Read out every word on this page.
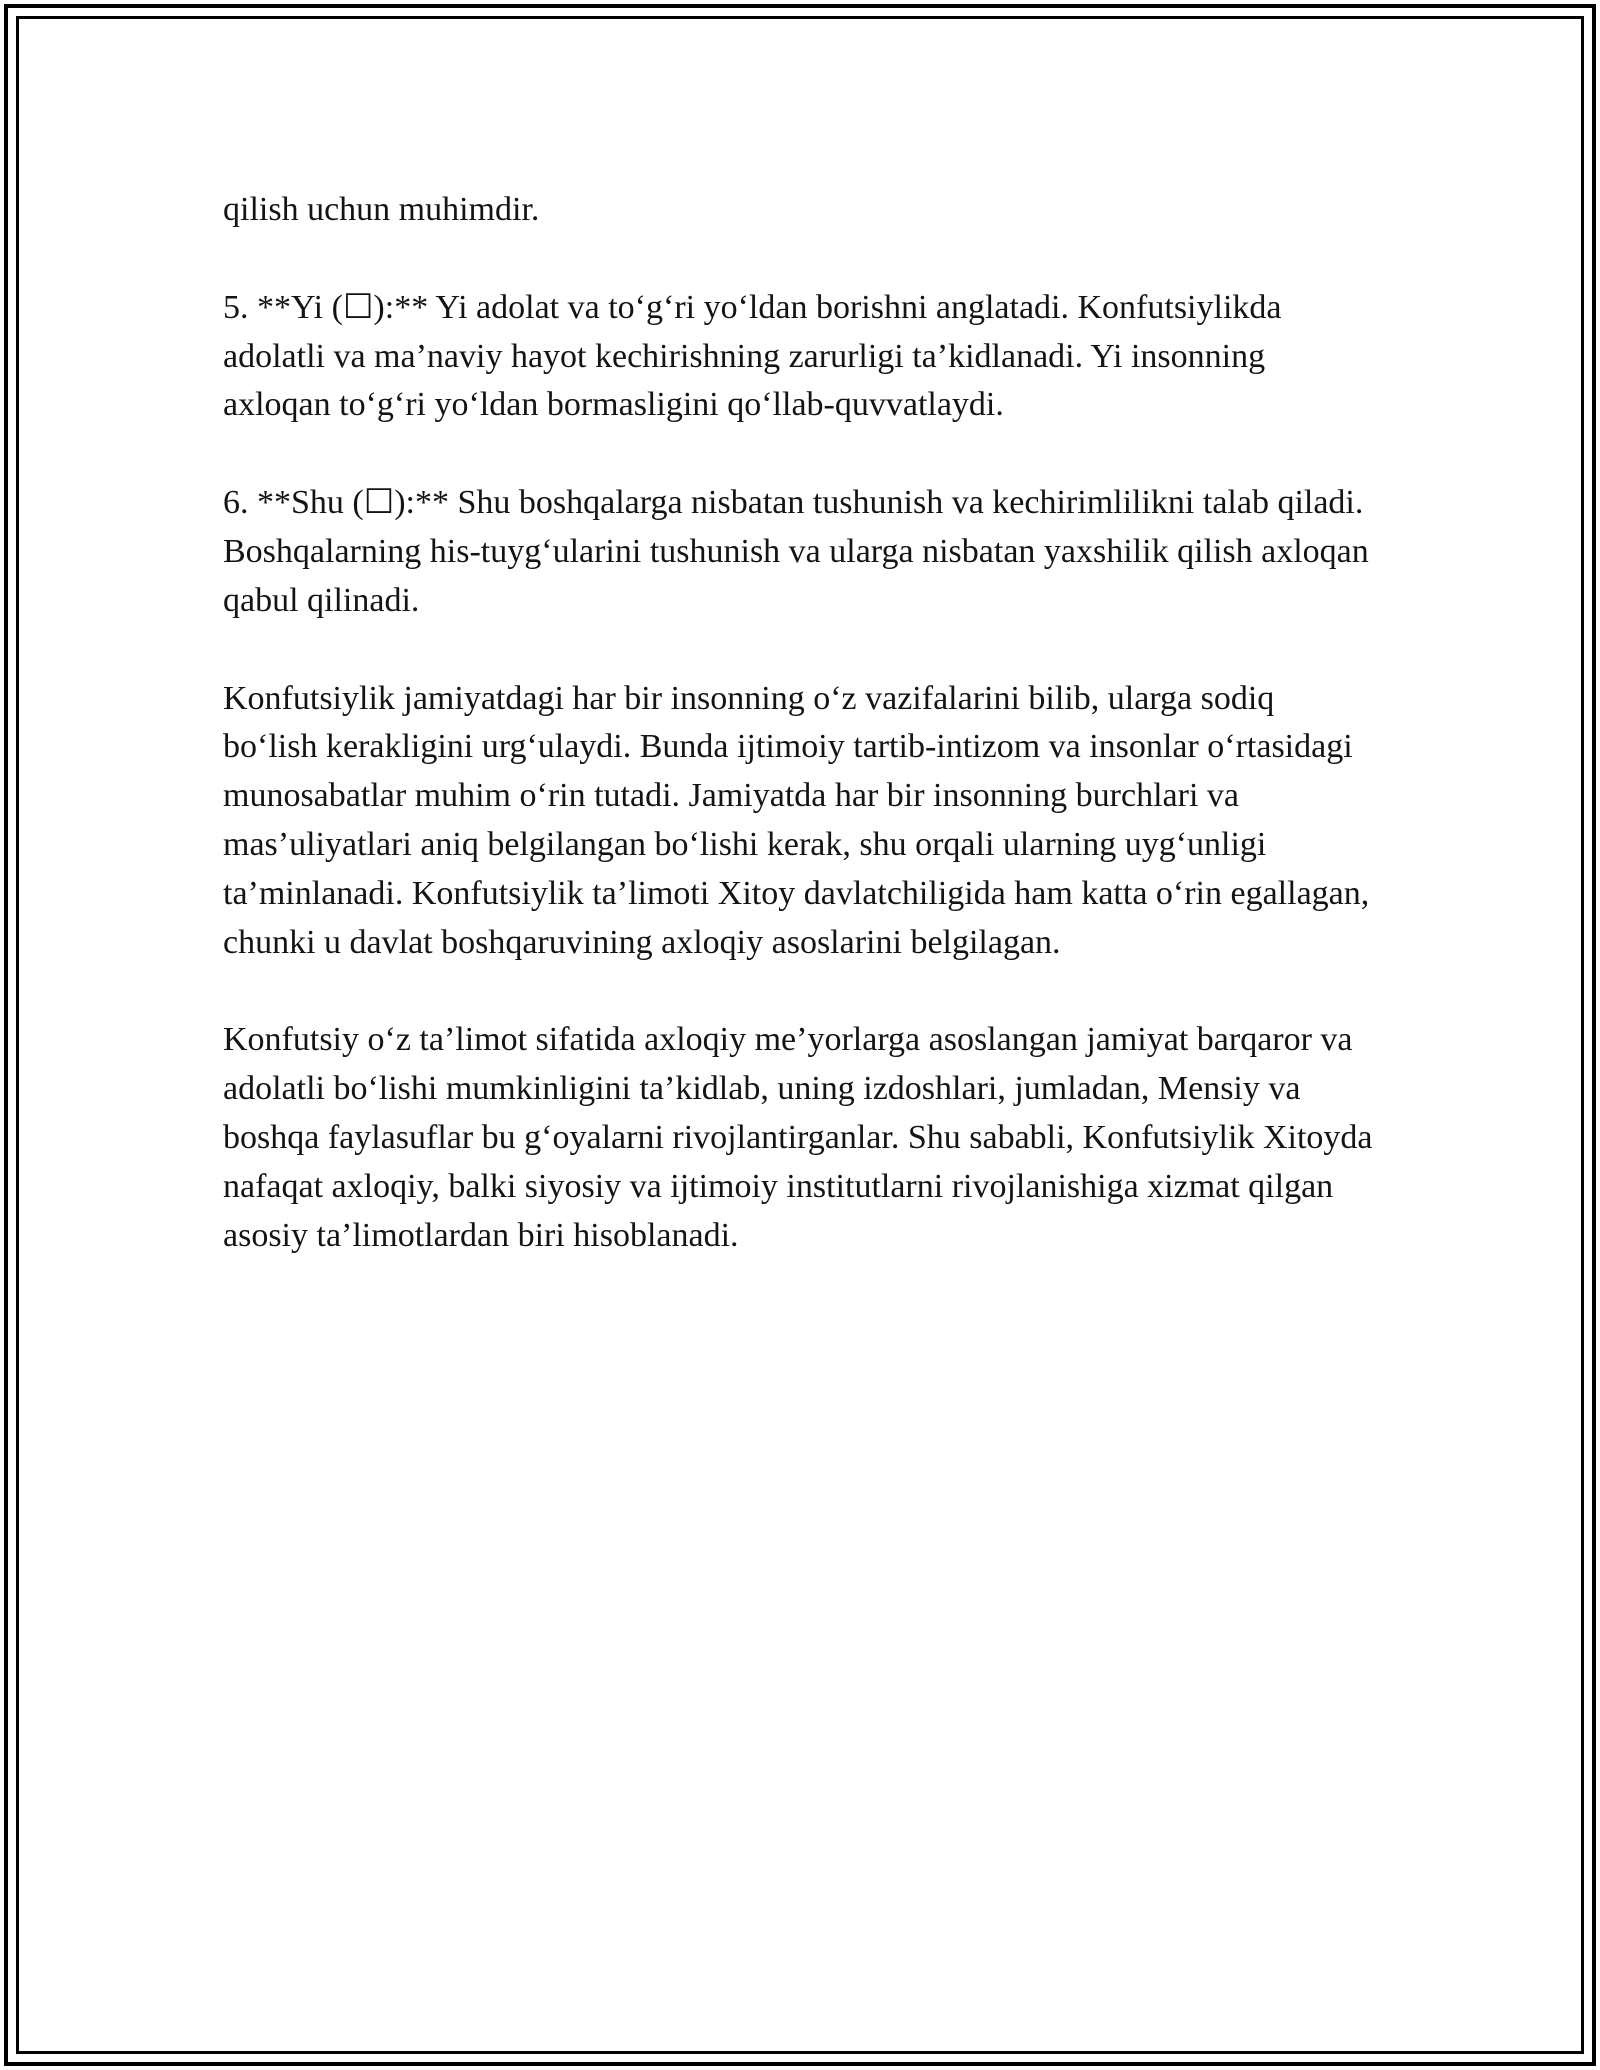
qilish uchun muhimdir.

5. **Yi (☐):** Yi adolat va to‘g‘ri yo‘ldan borishni anglatadi. Konfutsiylikda adolatli va ma’naviy hayot kechirishning zarurligi ta’kidlanadi. Yi insonning axloqan to‘g‘ri yo‘ldan bormasligini qo‘llab-quvvatlaydi.

6. **Shu (☐):** Shu boshqalarga nisbatan tushunish va kechirimlilikni talab qiladi. Boshqalarning his-tuyg‘ularini tushunish va ularga nisbatan yaxshilik qilish axloqan qabul qilinadi.

Konfutsiylik jamiyatdagi har bir insonning o‘z vazifalarini bilib, ularga sodiq bo‘lish kerakligini urg‘ulaydi. Bunda ijtimoiy tartib-intizom va insonlar o‘rtasidagi munosabatlar muhim o‘rin tutadi. Jamiyatda har bir insonning burchlari va mas’uliyatlari aniq belgilangan bo‘lishi kerak, shu orqali ularning uyg‘unligi ta’minlanadi. Konfutsiylik ta’limoti Xitoy davlatchiligida ham katta o‘rin egallagan, chunki u davlat boshqaruvining axloqiy asoslarini belgilagan.

Konfutsiy o‘z ta’limot sifatida axloqiy me’yorlarga asoslangan jamiyat barqaror va adolatli bo‘lishi mumkinligini ta’kidlab, uning izdoshlari, jumladan, Mensiy va boshqa faylasuflar bu g‘oyalarni rivojlantirganlar. Shu sababli, Konfutsiylik Xitoyda nafaqat axloqiy, balki siyosiy va ijtimoiy institutlarni rivojlanishiga xizmat qilgan asosiy ta’limotlardan biri hisoblanadi.
